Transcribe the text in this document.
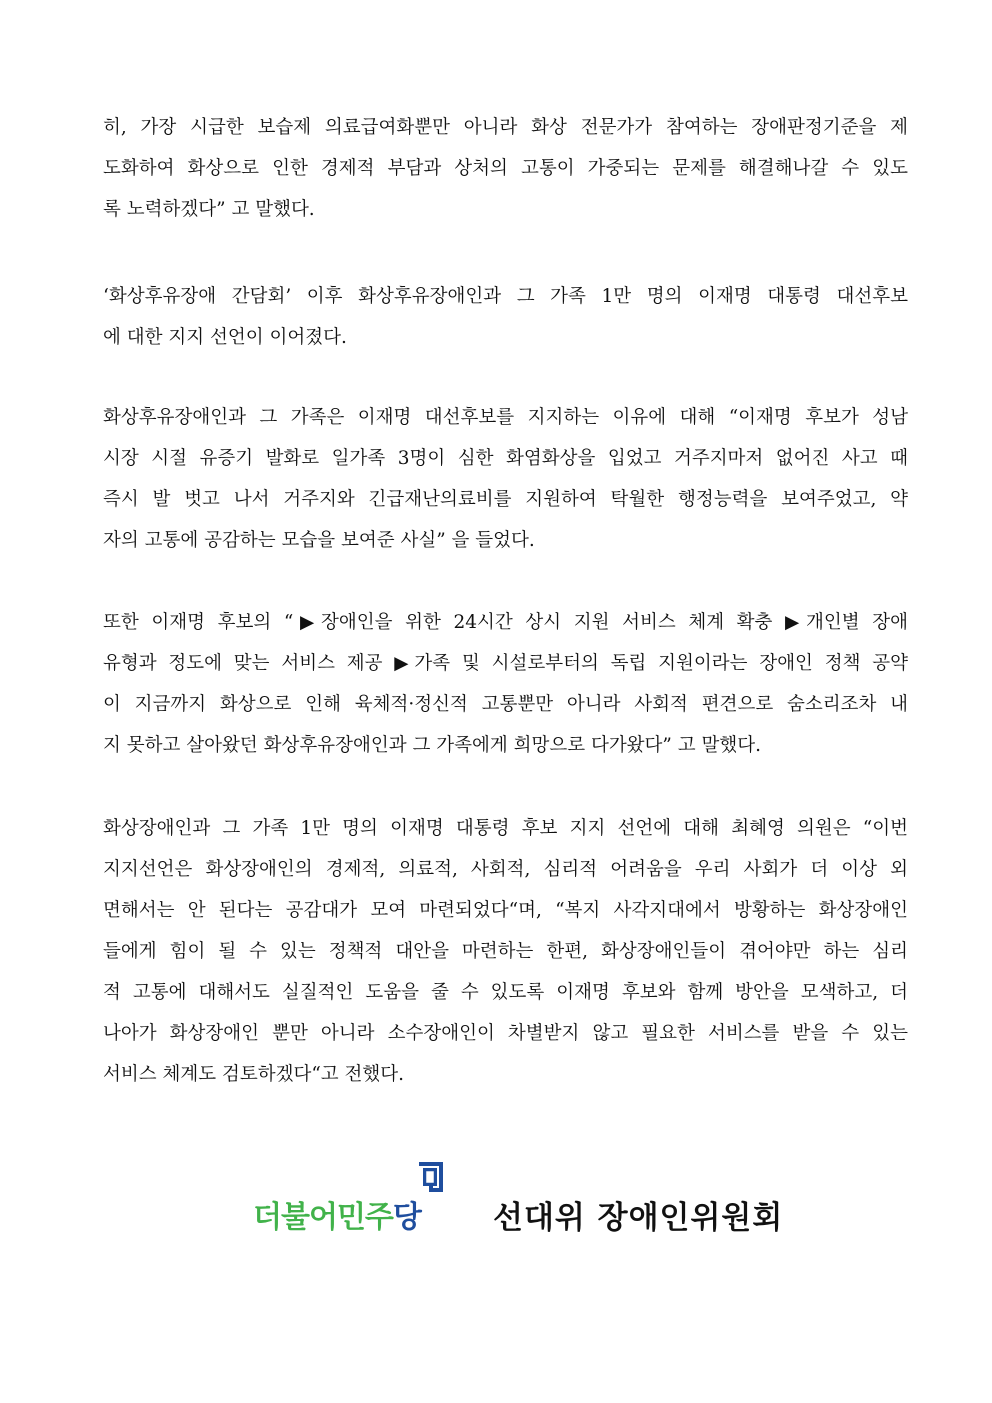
히, 가장 시급한 보습제 의료급여화뿐만 아니라 화상 전문가가 참여하는 장애판정기준을 제
도화하여 화상으로 인한 경제적 부담과 상처의 고통이 가중되는 문제를 해결해나갈 수 있도
록 노력하겠다” 고 말했다.
‘화상후유장애 간담회’ 이후 화상후유장애인과 그 가족 1만 명의 이재명 대통령 대선후보
에 대한 지지 선언이 이어졌다.
화상후유장애인과 그 가족은 이재명 대선후보를 지지하는 이유에 대해 “이재명 후보가 성남
시장 시절 유증기 발화로 일가족 3명이 심한 화염화상을 입었고 거주지마저 없어진 사고 때
즉시 발 벗고 나서 거주지와 긴급재난의료비를 지원하여 탁월한 행정능력을 보여주었고, 약
자의 고통에 공감하는 모습을 보여준 사실” 을 들었다.
또한 이재명 후보의 “▶장애인을 위한 24시간 상시 지원 서비스 체계 확충 ▶개인별 장애
유형과 정도에 맞는 서비스 제공 ▶가족 및 시설로부터의 독립 지원이라는 장애인 정책 공약
이 지금까지 화상으로 인해 육체적·정신적 고통뿐만 아니라 사회적 편견으로 숨소리조차 내
지 못하고 살아왔던 화상후유장애인과 그 가족에게 희망으로 다가왔다” 고 말했다.
화상장애인과 그 가족 1만 명의 이재명 대통령 후보 지지 선언에 대해 최혜영 의원은 “이번
지지선언은 화상장애인의 경제적, 의료적, 사회적, 심리적 어려움을 우리 사회가 더 이상 외
면해서는 안 된다는 공감대가 모여 마련되었다“며, “복지 사각지대에서 방황하는 화상장애인
들에게 힘이 될 수 있는 정책적 대안을 마련하는 한편, 화상장애인들이 겪어야만 하는 심리
적 고통에 대해서도 실질적인 도움을 줄 수 있도록 이재명 후보와 함께 방안을 모색하고, 더
나아가 화상장애인 뿐만 아니라 소수장애인이 차별받지 않고 필요한 서비스를 받을 수 있는
서비스 체계도 검토하겠다“고 전했다.
더불어민주당 선대위 장애인위원회
